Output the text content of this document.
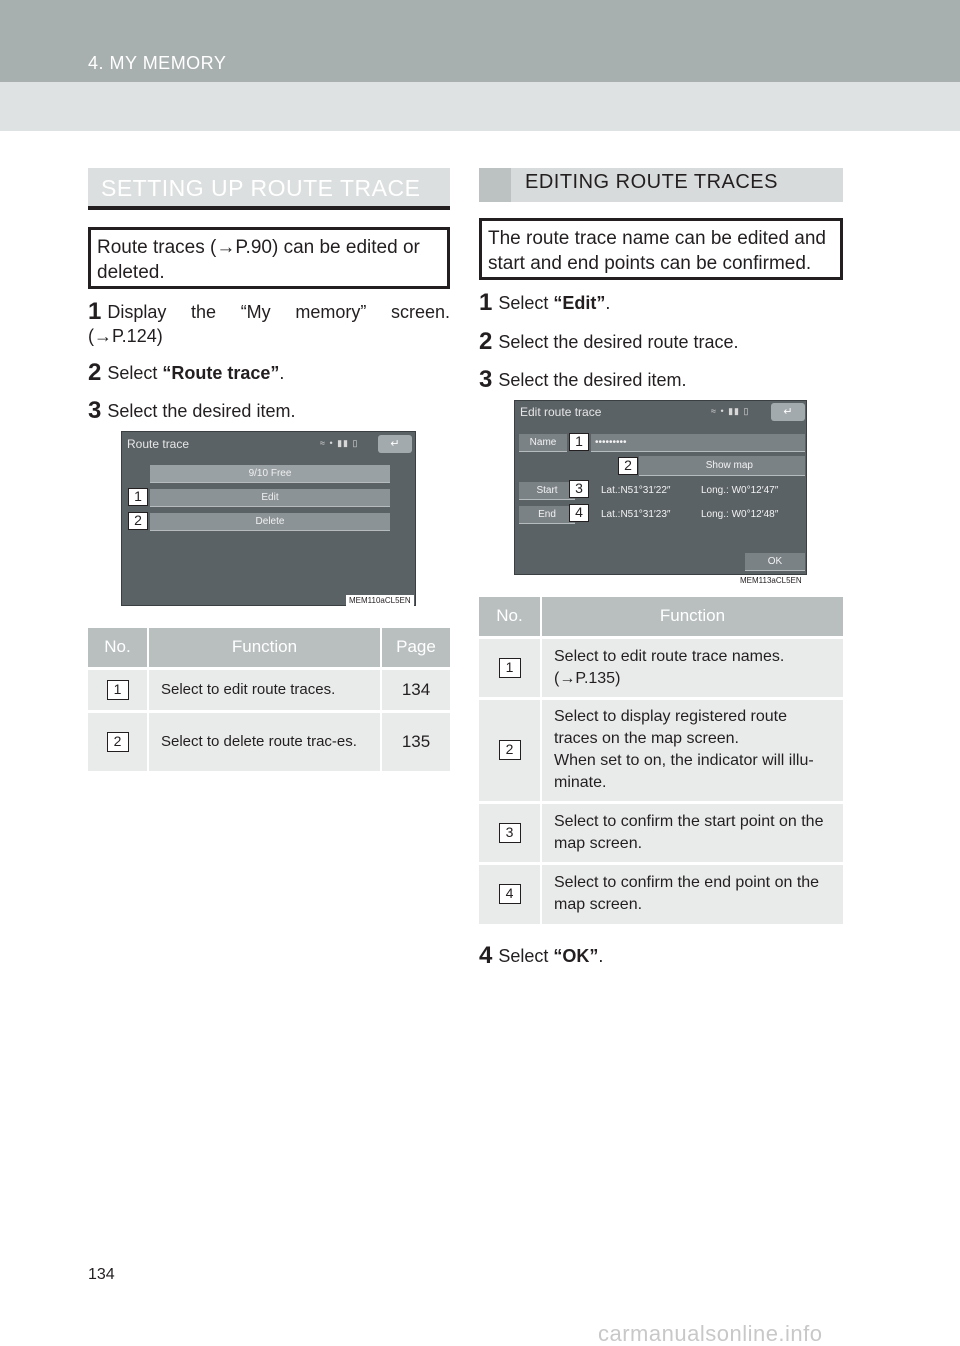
4. MY MEMORY
SETTING UP ROUTE TRACE
Route traces (→P.90) can be edited or deleted.
1 Display the “My memory” screen. (→P.124)
2 Select “Route trace”.
3 Select the desired item.
Route trace	≈ • ▮▮ ▯	↵
9/10 Free
Edit
Delete
1
2
MEM110aCL5EN
No.	Function	Page
1	Select to edit route traces.	134
2	Select to delete route trac-es.	135
EDITING ROUTE TRACES
The route trace name can be edited and start and end points can be confirmed.
1 Select “Edit”.
2 Select the desired route trace.
3 Select the desired item.
Edit route trace	≈ • ▮▮ ▯	↵
Name	•••••••••
Show map
Start	Lat.:N51°31′22″	Long.: W0°12′47″
End	Lat.:N51°31′23″	Long.: W0°12′48″
OK
1
2
3
4
MEM113aCL5EN
No.	Function
1	Select to edit route trace names. (→P.135)
2	Select to display registered route traces on the map screen.
When set to on, the indicator will illu-minate.

3	Select to confirm the start point on the map screen.
4	Select to confirm the end point on the map screen.
4 Select “OK”.
134
carmanualsonline.info
